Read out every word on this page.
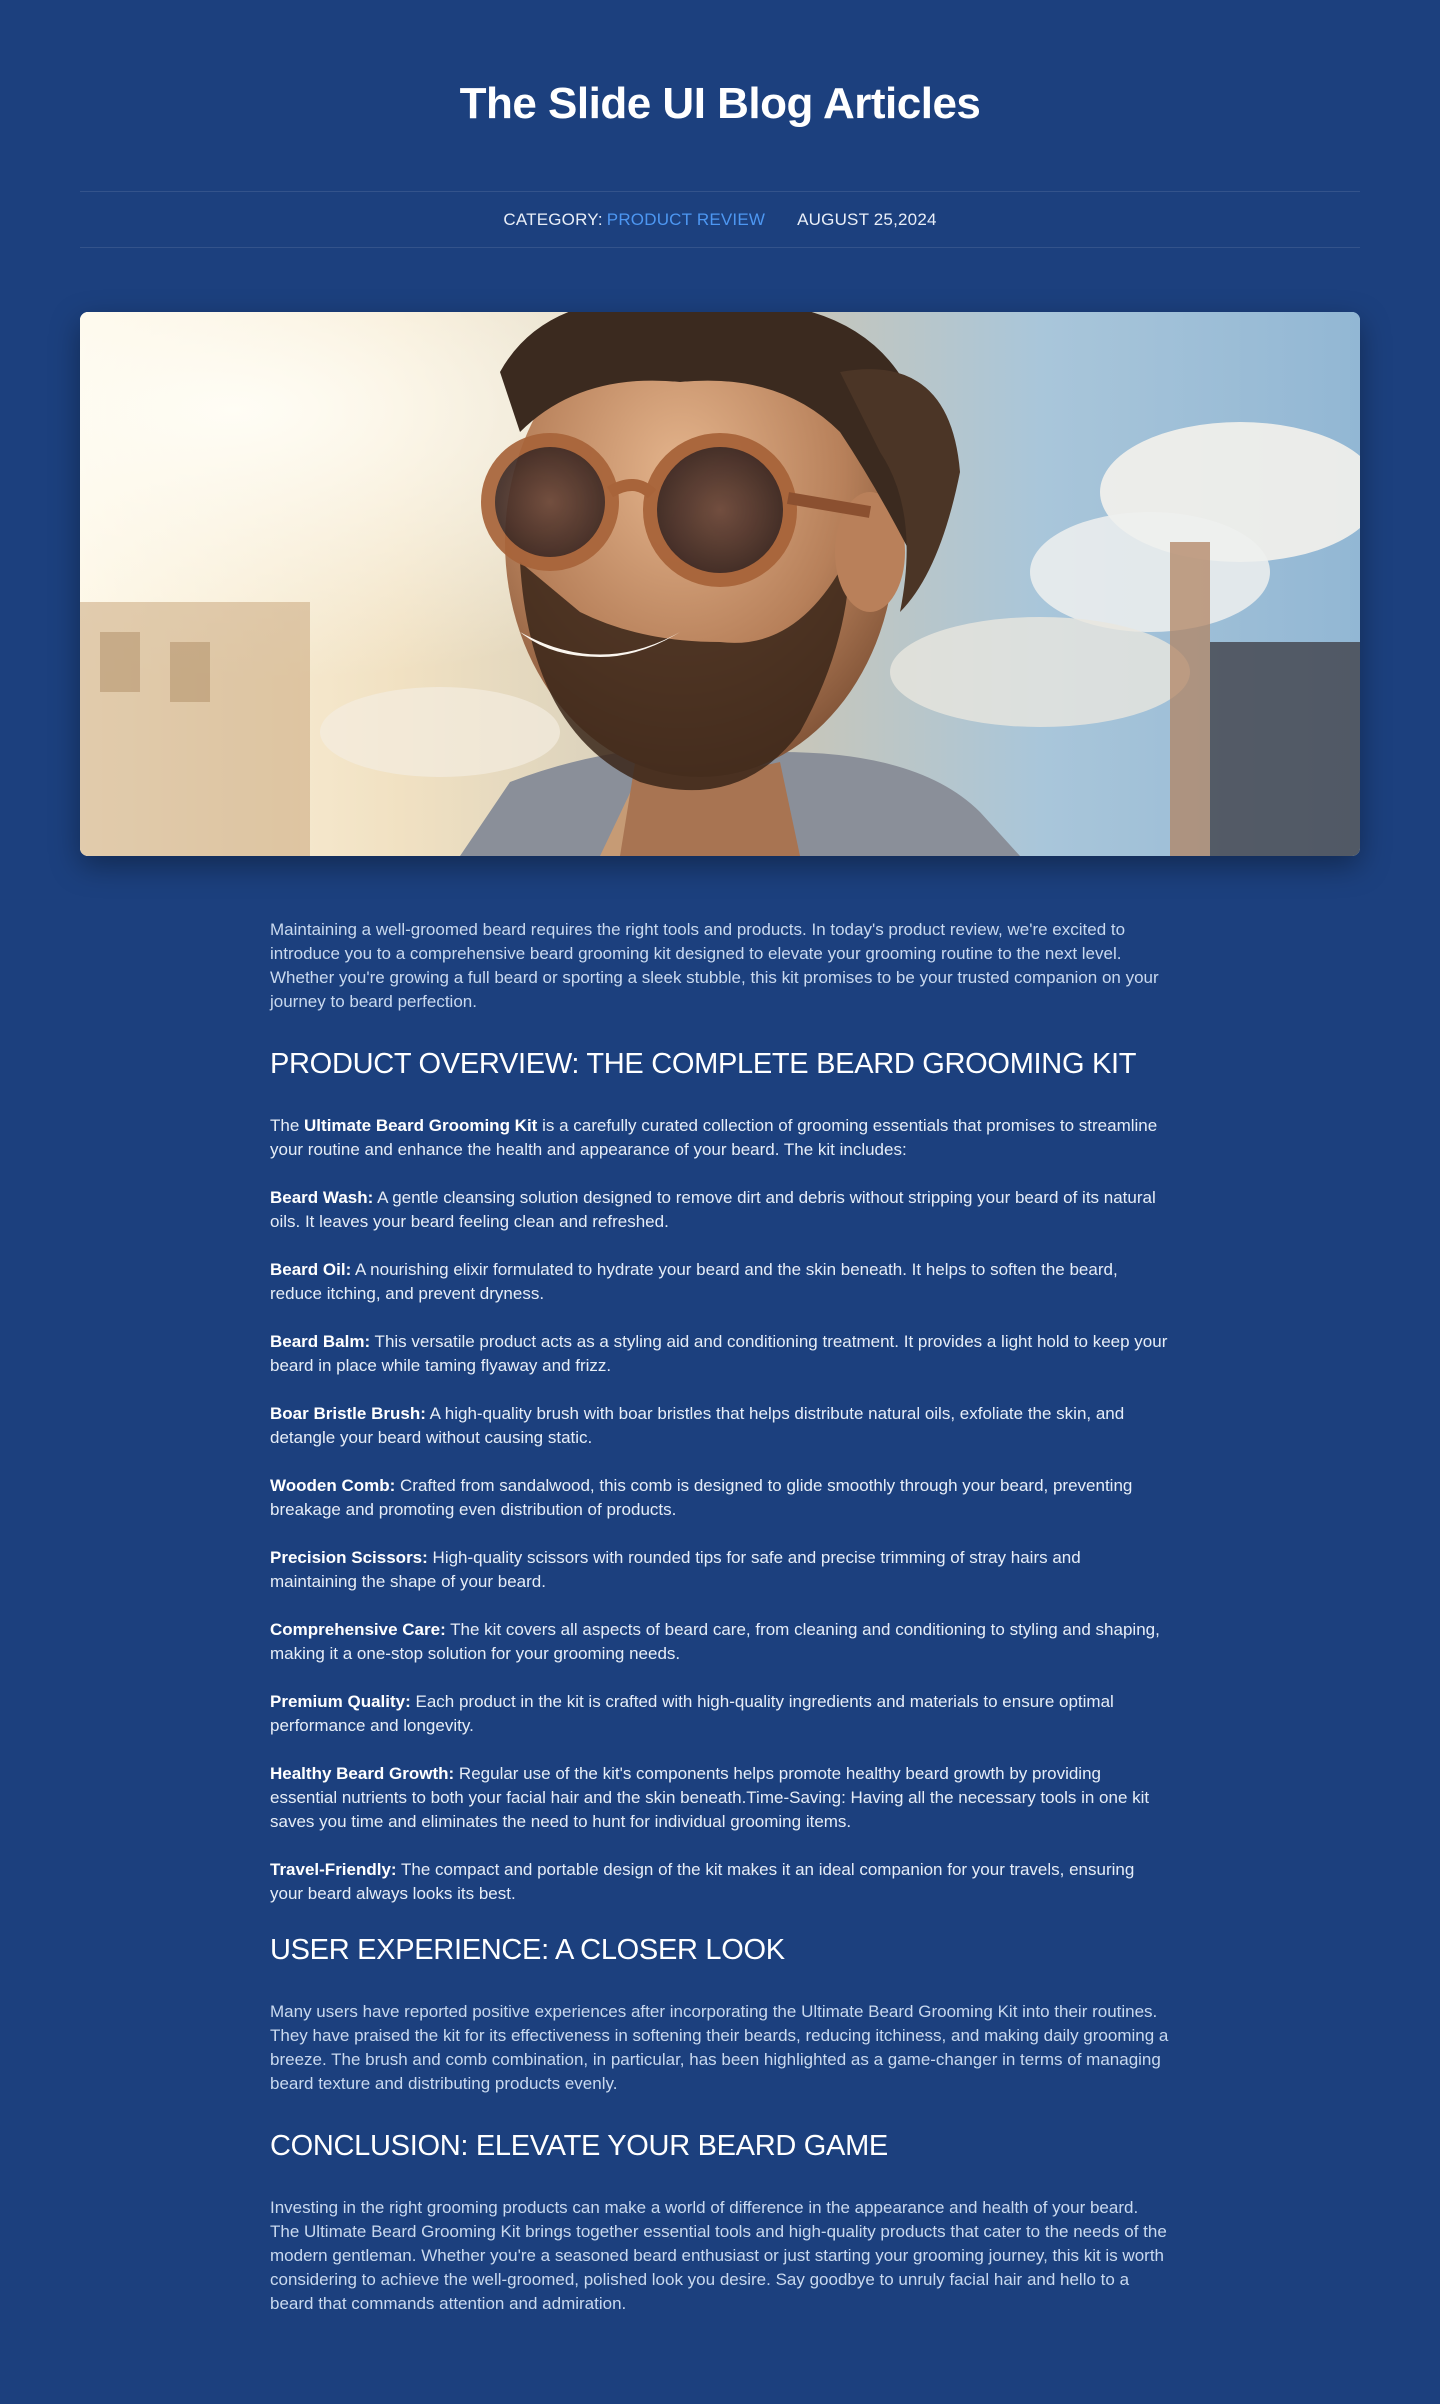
The Slide UI Blog Articles
CATEGORY: PRODUCT REVIEW AUGUST 25,2024

Maintaining a well-groomed beard requires the right tools and products. In today's product review, we're excited to introduce you to a comprehensive beard grooming kit designed to elevate your grooming routine to the next level. Whether you're growing a full beard or sporting a sleek stubble, this kit promises to be your trusted companion on your journey to beard perfection.

PRODUCT OVERVIEW: THE COMPLETE BEARD GROOMING KIT

The Ultimate Beard Grooming Kit is a carefully curated collection of grooming essentials that promises to streamline your routine and enhance the health and appearance of your beard. The kit includes:

Beard Wash: A gentle cleansing solution designed to remove dirt and debris without stripping your beard of its natural oils. It leaves your beard feeling clean and refreshed.

Beard Oil: A nourishing elixir formulated to hydrate your beard and the skin beneath. It helps to soften the beard, reduce itching, and prevent dryness.

Beard Balm: This versatile product acts as a styling aid and conditioning treatment. It provides a light hold to keep your beard in place while taming flyaway and frizz.

Boar Bristle Brush: A high-quality brush with boar bristles that helps distribute natural oils, exfoliate the skin, and detangle your beard without causing static.

Wooden Comb: Crafted from sandalwood, this comb is designed to glide smoothly through your beard, preventing breakage and promoting even distribution of products.

Precision Scissors: High-quality scissors with rounded tips for safe and precise trimming of stray hairs and maintaining the shape of your beard.

Comprehensive Care: The kit covers all aspects of beard care, from cleaning and conditioning to styling and shaping, making it a one-stop solution for your grooming needs.

Premium Quality: Each product in the kit is crafted with high-quality ingredients and materials to ensure optimal performance and longevity.

Healthy Beard Growth: Regular use of the kit's components helps promote healthy beard growth by providing essential nutrients to both your facial hair and the skin beneath.Time-Saving: Having all the necessary tools in one kit saves you time and eliminates the need to hunt for individual grooming items.

Travel-Friendly: The compact and portable design of the kit makes it an ideal companion for your travels, ensuring your beard always looks its best.

USER EXPERIENCE: A CLOSER LOOK

Many users have reported positive experiences after incorporating the Ultimate Beard Grooming Kit into their routines. They have praised the kit for its effectiveness in softening their beards, reducing itchiness, and making daily grooming a breeze. The brush and comb combination, in particular, has been highlighted as a game-changer in terms of managing beard texture and distributing products evenly.

CONCLUSION: ELEVATE YOUR BEARD GAME

Investing in the right grooming products can make a world of difference in the appearance and health of your beard. The Ultimate Beard Grooming Kit brings together essential tools and high-quality products that cater to the needs of the modern gentleman. Whether you're a seasoned beard enthusiast or just starting your grooming journey, this kit is worth considering to achieve the well-groomed, polished look you desire. Say goodbye to unruly facial hair and hello to a beard that commands attention and admiration.
